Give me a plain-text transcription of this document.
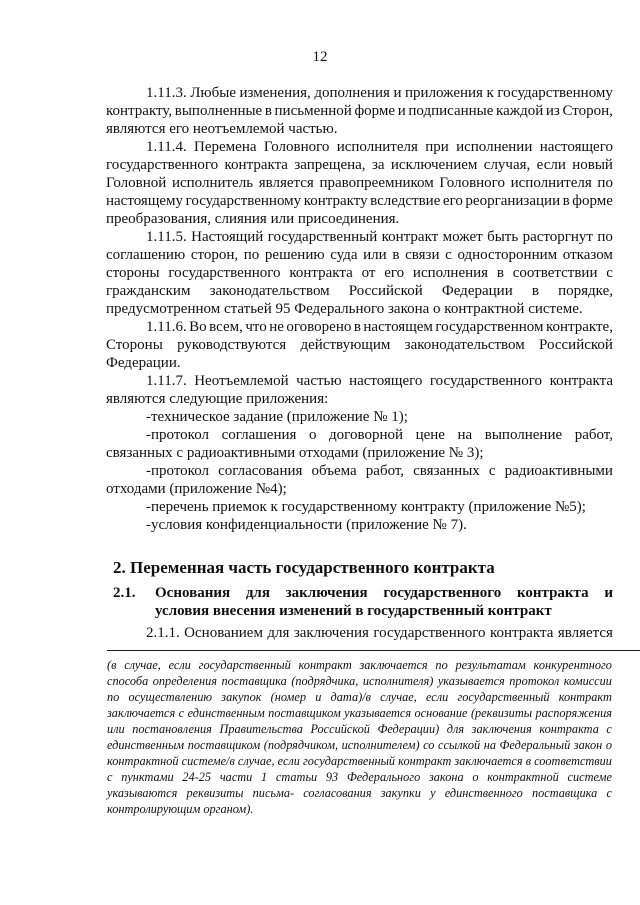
12
1.11.3. Любые изменения, дополнения и приложения к государственному
контракту, выполненные в письменной форме и подписанные каждой из Сторон,
являются его неотъемлемой частью.
1.11.4. Перемена Головного исполнителя при исполнении настоящего
государственного контракта запрещена, за исключением случая, если новый
Головной исполнитель является правопреемником Головного исполнителя по
настоящему государственному контракту вследствие его реорганизации в форме
преобразования, слияния или присоединения.
1.11.5. Настоящий государственный контракт может быть расторгнут по
соглашению сторон, по решению суда или в связи с односторонним отказом
стороны государственного контракта от его исполнения в соответствии с
гражданским законодательством Российской Федерации в порядке,
предусмотренном статьей 95 Федерального закона о контрактной системе.
1.11.6. Во всем, что не оговорено в настоящем государственном контракте,
Стороны руководствуются действующим законодательством Российской
Федерации.
1.11.7. Неотъемлемой частью настоящего государственного контракта
являются следующие приложения:
-техническое задание (приложение № 1);
-протокол соглашения о договорной цене на выполнение работ,
связанных с радиоактивными отходами (приложение № 3);
-протокол согласования объема работ, связанных с радиоактивными
отходами (приложение №4);
-перечень приемок к государственному контракту (приложение №5);
-условия конфиденциальности (приложение № 7).
2. Переменная часть государственного контракта
2.1. Основания для заключения государственного контракта и
условия внесения изменений в государственный контракт
2.1.1. Основанием для заключения государственного контракта является
(в случае, если государственный контракт заключается по результатам конкурентного
способа определения поставщика (подрядчика, исполнителя) указывается протокол комиссии
по осуществлению закупок (номер и дата)/в случае, если государственный контракт
заключается с единственным поставщиком указывается основание (реквизиты распоряжения
или постановления Правительства Российской Федерации) для заключения контракта с
единственным поставщиком (подрядчиком, исполнителем) со ссылкой на Федеральный закон о
контрактной системе/в случае, если государственный контракт заключается в соответствии
с пунктами 24-25 части 1 статьи 93 Федерального закона о контрактной системе
указываются реквизиты письма- согласования закупки у единственного поставщика с
контролирующим органом).
